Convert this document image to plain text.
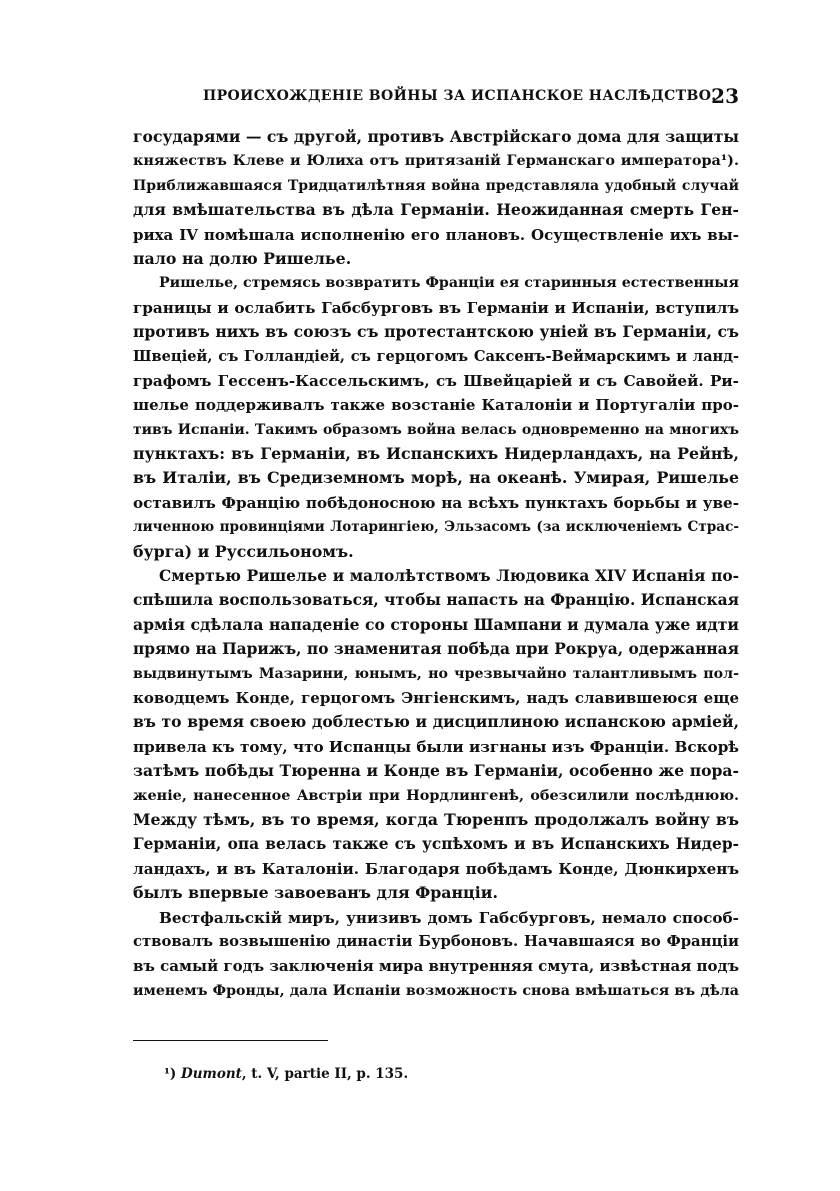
ПРОИСХОЖДЕНІЕ ВОЙНЫ ЗА ИСПАНСКОЕ НАСЛѢДСТВО.
23
государями — съ другой, противъ Австрійскаго дома для защиты
княжествъ Клеве и Юлиха отъ притязаній Германскаго императора¹).
Приближавшаяся Тридцатилѣтняя война представляла удобный случай
для вмѣшательства въ дѣла Германіи. Неожиданная смерть Ген-
риха IV помѣшала исполненію его плановъ. Осуществленіе ихъ вы-
пало на долю Ришелье.
Ришелье, стремясь возвратить Франціи ея старинныя естественныя
границы и ослабить Габсбурговъ въ Германіи и Испаніи, вступилъ
противъ нихъ въ союзъ съ протестантскою уніей въ Германіи, съ
Швеціей, съ Голландіей, съ герцогомъ Саксенъ-Веймарскимъ и ланд-
графомъ Гессенъ-Кассельскимъ, съ Швейцаріей и съ Савойей. Ри-
шелье поддерживалъ также возстаніе Каталоніи и Португаліи про-
тивъ Испаніи. Такимъ образомъ война велась одновременно на многихъ
пунктахъ: въ Германіи, въ Испанскихъ Нидерландахъ, на Рейнѣ,
въ Италіи, въ Средиземномъ морѣ, на океанѣ. Умирая, Ришелье
оставилъ Францію побѣдоносною на всѣхъ пунктахъ борьбы и уве-
личенною провинціями Лотарингіею, Эльзасомъ (за исключеніемъ Страс-
бурга) и Руссильономъ.
Смертью Ришелье и малолѣтствомъ Людовика XIV Испанія по-
спѣшила воспользоваться, чтобы напасть на Францію. Испанская
армія сдѣлала нападеніе со стороны Шампани и думала уже идти
прямо на Парижъ, по знаменитая побѣда при Рокруа, одержанная
выдвинутымъ Мазарини, юнымъ, но чрезвычайно талантливымъ пол-
ководцемъ Конде, герцогомъ Энгіенскимъ, надъ славившеюся еще
въ то время своею доблестью и дисциплиною испанскою арміей,
привела къ тому, что Испанцы были изгнаны изъ Франціи. Вскорѣ
затѣмъ побѣды Тюренна и Конде въ Германіи, особенно же пора-
женіе, нанесенное Австріи при Нордлингенѣ, обезсилили послѣднюю.
Между тѣмъ, въ то время, когда Тюренпъ продолжалъ войну въ
Германіи, опа велась также съ успѣхомъ и въ Испанскихъ Нидер-
ландахъ, и въ Каталоніи. Благодаря побѣдамъ Конде, Дюнкирхенъ
былъ впервые завоеванъ для Франціи.
Вестфальскій миръ, унизивъ домъ Габсбурговъ, немало способ-
ствовалъ возвышенію династіи Бурбоновъ. Начавшаяся во Франціи
въ самый годъ заключенія мира внутренняя смута, извѣстная подъ
именемъ Фронды, дала Испаніи возможность снова вмѣшаться въ дѣла
¹) Dumont, t. V, partie II, p. 135.
